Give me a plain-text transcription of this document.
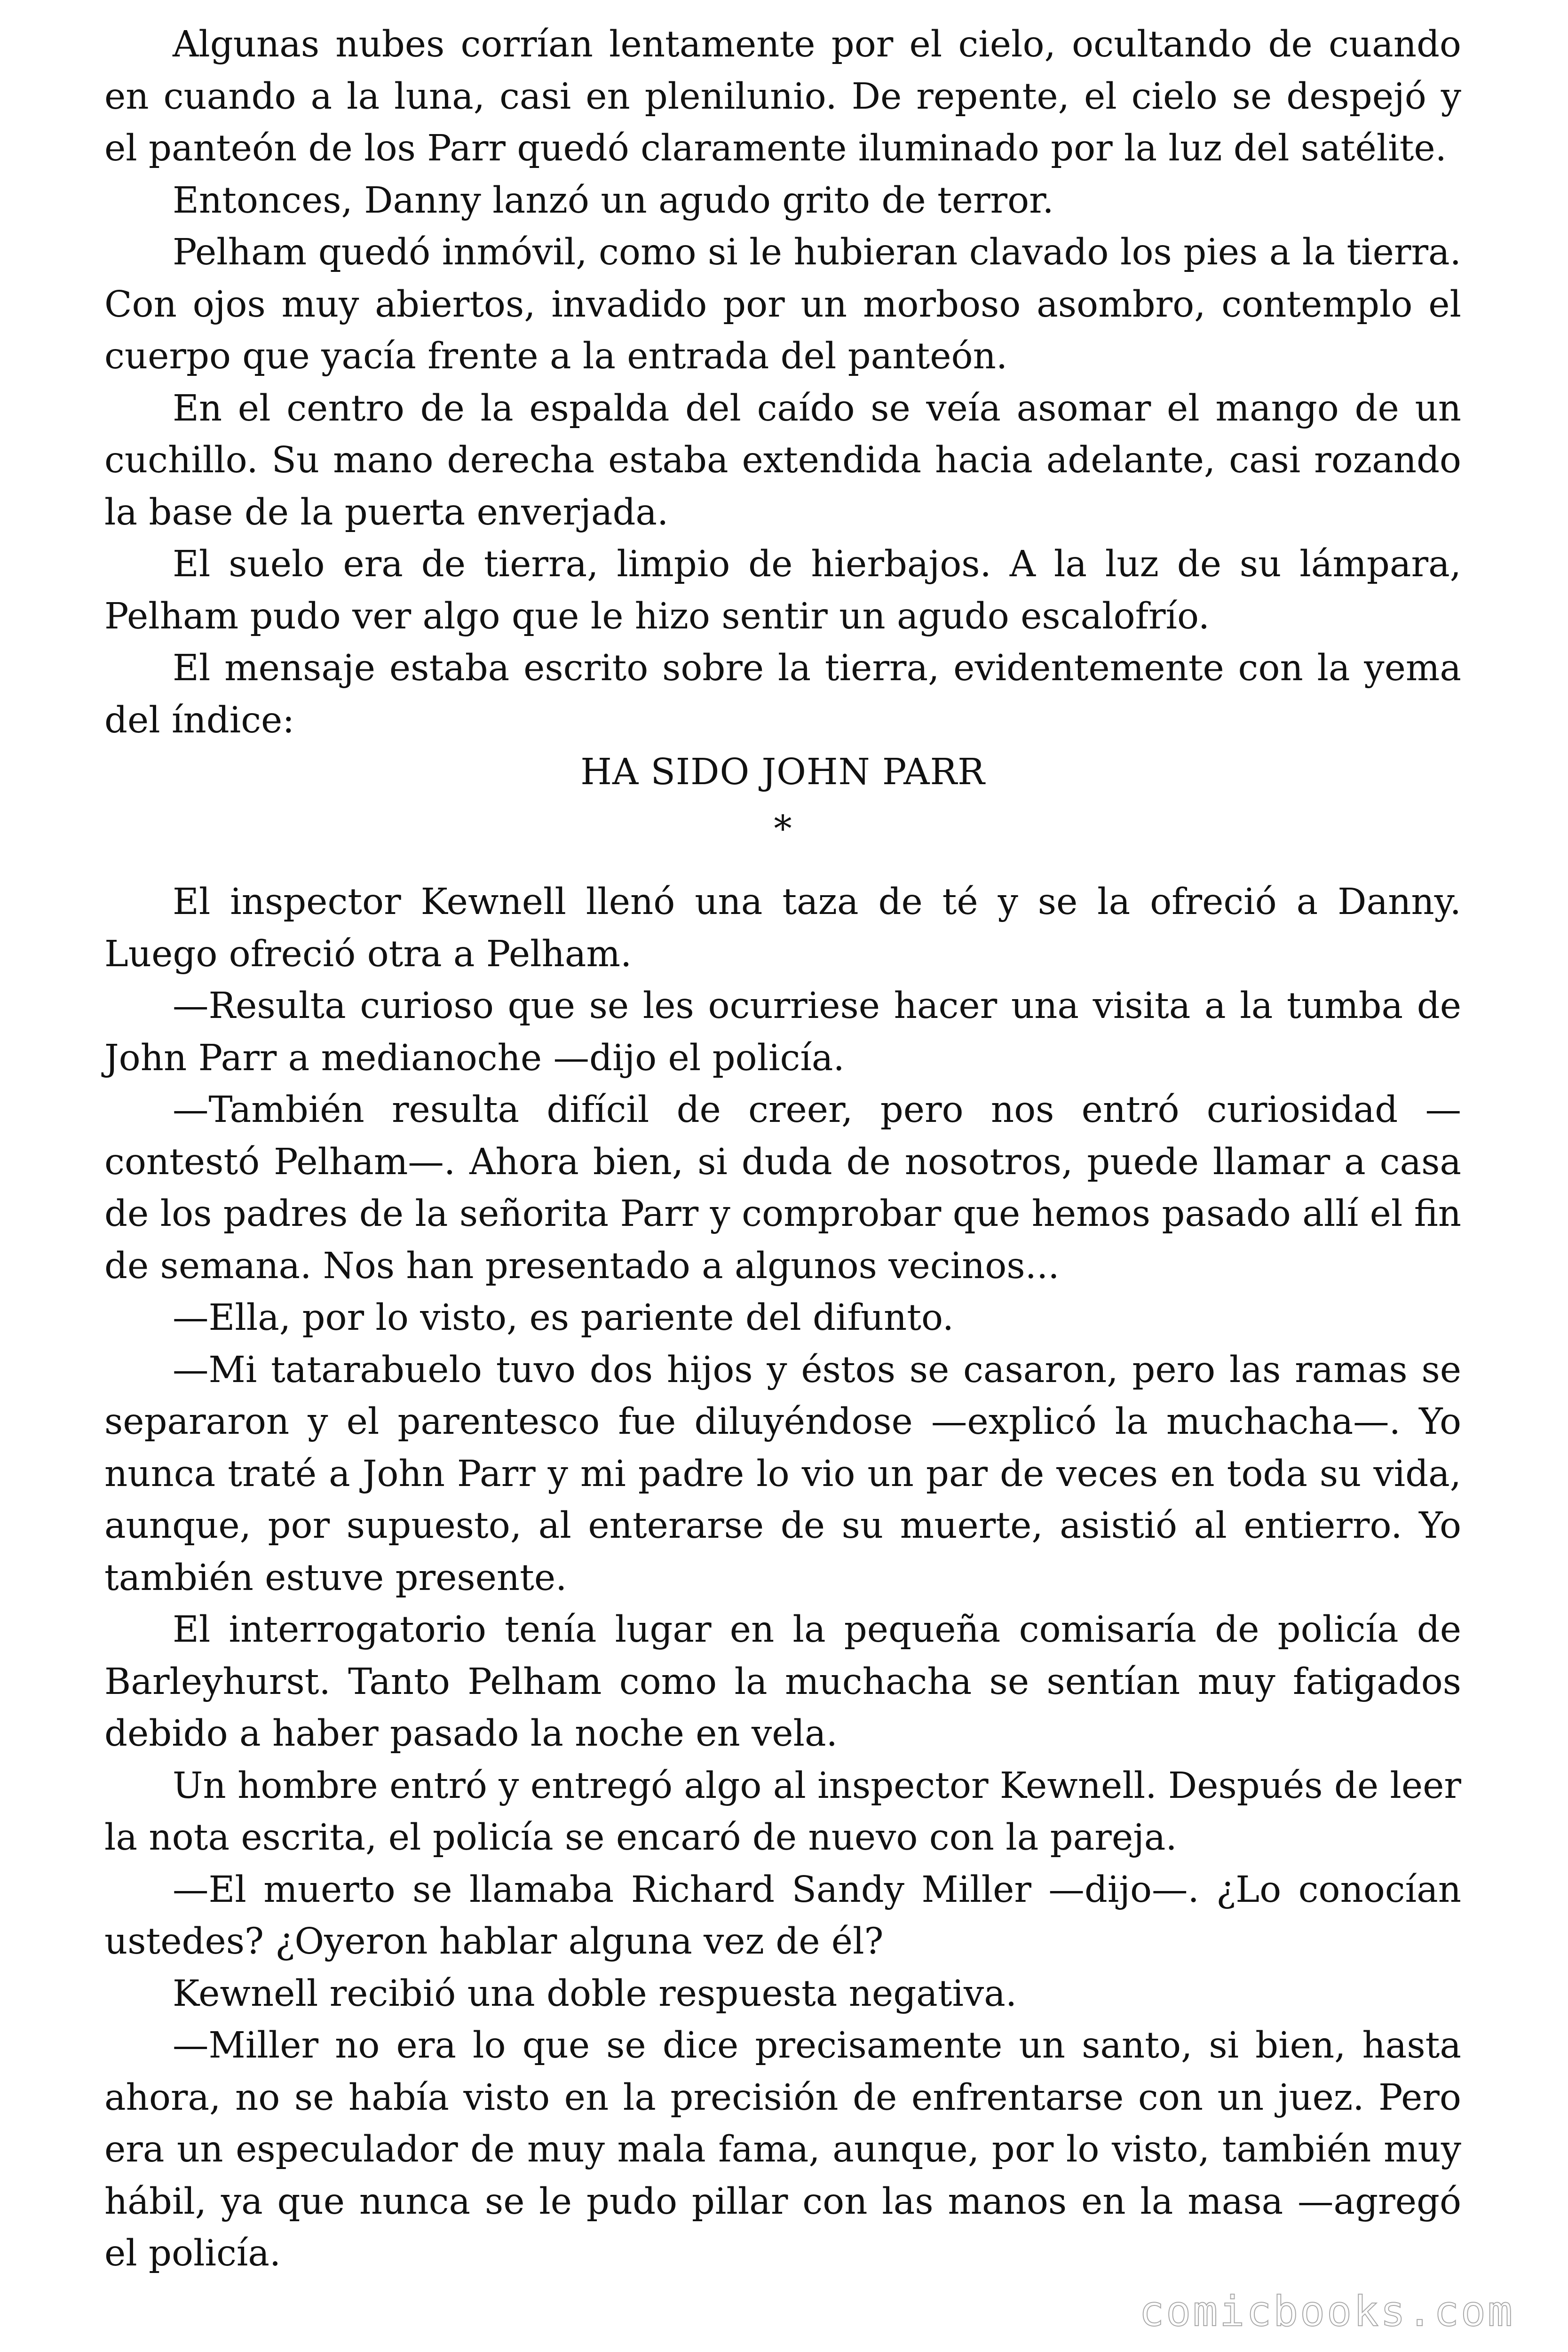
Algunas nubes corrían lentamente por el cielo, ocultando de cuando en cuando a la luna, casi en plenilunio. De repente, el cielo se despejó y el panteón de los Parr quedó claramente iluminado por la luz del satélite.

Entonces, Danny lanzó un agudo grito de terror.

Pelham quedó inmóvil, como si le hubieran clavado los pies a la tierra. Con ojos muy abiertos, invadido por un morboso asombro, contemplo el cuerpo que yacía frente a la entrada del panteón.

En el centro de la espalda del caído se veía asomar el mango de un cuchillo. Su mano derecha estaba extendida hacia adelante, casi rozando la base de la puerta enverjada.

El suelo era de tierra, limpio de hierbajos. A la luz de su lámpara, Pelham pudo ver algo que le hizo sentir un agudo escalofrío.

El mensaje estaba escrito sobre la tierra, evidentemente con la yema del índice:

HA SIDO JOHN PARR

*

El inspector Kewnell llenó una taza de té y se la ofreció a Danny. Luego ofreció otra a Pelham.

—Resulta curioso que se les ocurriese hacer una visita a la tumba de John Parr a medianoche —dijo el policía.

—También resulta difícil de creer, pero nos entró curiosidad —contestó Pelham—. Ahora bien, si duda de nosotros, puede llamar a casa de los padres de la señorita Parr y comprobar que hemos pasado allí el fin de semana. Nos han presentado a algunos vecinos...

—Ella, por lo visto, es pariente del difunto.

—Mi tatarabuelo tuvo dos hijos y éstos se casaron, pero las ramas se separaron y el parentesco fue diluyéndose —explicó la muchacha—. Yo nunca traté a John Parr y mi padre lo vio un par de veces en toda su vida, aunque, por supuesto, al enterarse de su muerte, asistió al entierro. Yo también estuve presente.

El interrogatorio tenía lugar en la pequeña comisaría de policía de Barleyhurst. Tanto Pelham como la muchacha se sentían muy fatigados debido a haber pasado la noche en vela.

Un hombre entró y entregó algo al inspector Kewnell. Después de leer la nota escrita, el policía se encaró de nuevo con la pareja.

—El muerto se llamaba Richard Sandy Miller —dijo—. ¿Lo conocían ustedes? ¿Oyeron hablar alguna vez de él?

Kewnell recibió una doble respuesta negativa.

—Miller no era lo que se dice precisamente un santo, si bien, hasta ahora, no se había visto en la precisión de enfrentarse con un juez. Pero era un especulador de muy mala fama, aunque, por lo visto, también muy hábil, ya que nunca se le pudo pillar con las manos en la masa —agregó el policía.

comicbooks.com
